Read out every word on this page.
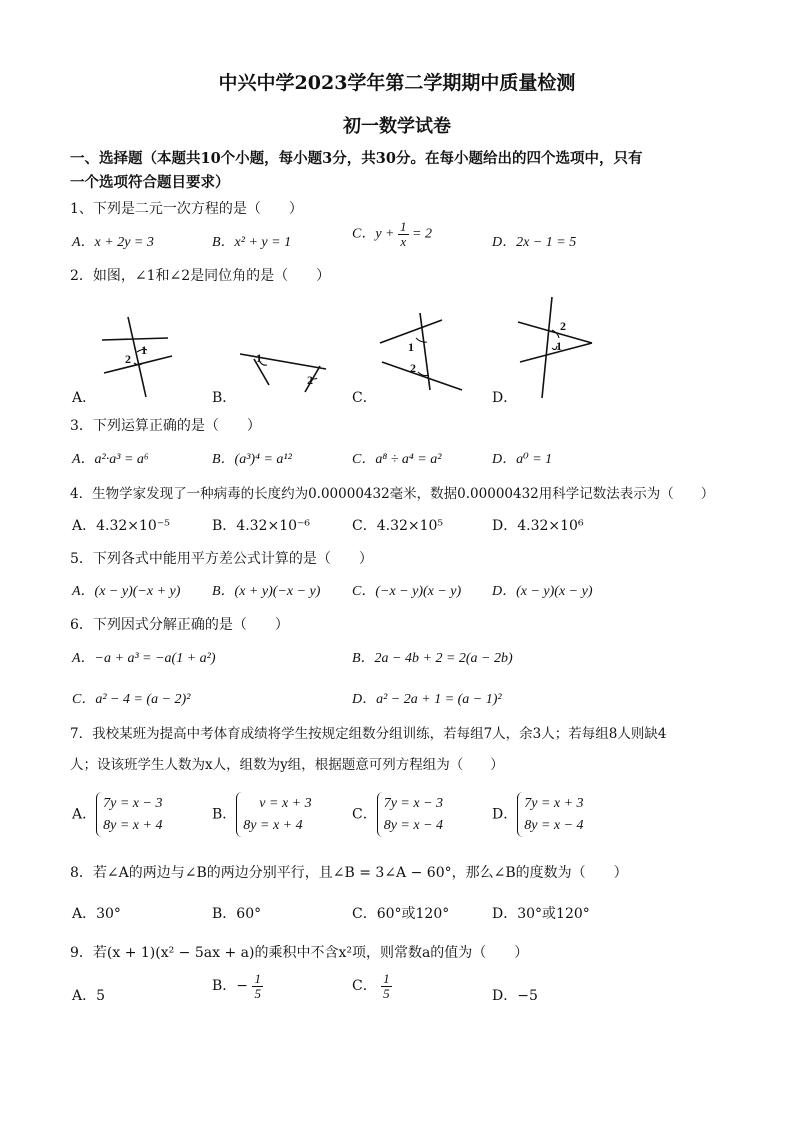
中兴中学2023学年第二学期期中质量检测
初一数学试卷
一、选择题（本题共10个小题，每小题3分，共30分。在每小题给出的四个选项中，只有
一个选项符合题目要求）
1、下列是二元一次方程的是（　　）
A．x + 2y = 3	B．x² + y = 1
C．$y + \frac{1}{x} = 2$
D．2x − 1 = 5
2．如图，∠1和∠2是同位角的是（　　）
1
2	1
2
1
2
2
1
A．	B．	C．	D．
3．下列运算正确的是（　　）
A．a²·a³ = a⁶	B．(a³)⁴ = a¹²	C．a⁸ ÷ a⁴ = a²	D．a⁰ = 1
4．生物学家发现了一种病毒的长度约为0.00000432毫米，数据0.00000432用科学记数法表示为（　　）
A．4.32×10⁻⁵	B．4.32×10⁻⁶	C．4.32×10⁵	D．4.32×10⁶
5．下列各式中能用平方差公式计算的是（　　）
A．(x − y)(−x + y) B．(x + y)(−x − y) C．(−x − y)(x − y) D．(x − y)(x − y)
6．下列因式分解正确的是（　　）
A．−a + a³ = −a(1 + a²)	B．2a − 4b + 2 = 2(a − 2b)
C．a² − 4 = (a − 2)²	D．a² − 2a + 1 = (a − 1)²
7．我校某班为提高中考体育成绩将学生按规定组数分组训练，若每组7人，余3人；若每组8人则缺4
人；设该班学生人数为x人，组数为y组，根据题意可列方程组为（　　）
A．7y = x − 3
8y = x + 4
B．v = x + 3
8y = x + 4
C．7y = x − 3
8y = x − 4
D．7y = x + 3
8y = x − 4
8．若∠A的两边与∠B的两边分别平行，且∠B = 3∠A − 60°，那么∠B的度数为（　　）
A．30°	B．60°	C．60°或120°	D．30°或120°
9．若(x + 1)(x² − 5ax + a)的乘积中不含x²项，则常数a的值为（　　）
A．5
B．− $\frac{1}{5}$	C． $\frac{1}{5}$	D．−5
